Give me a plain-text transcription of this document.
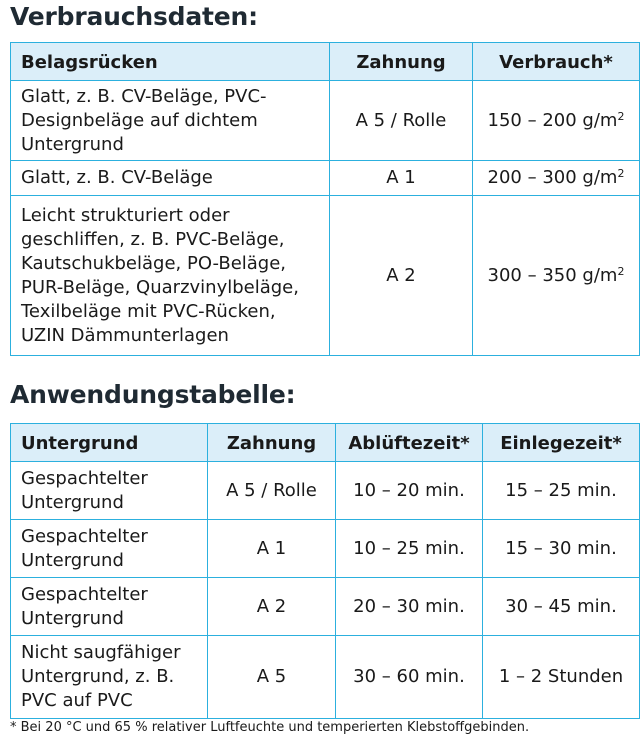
Verbrauchsdaten:
Belagsrücken	Zahnung	Verbrauch*
Glatt, z. B. CV-Beläge, PVC-Designbeläge auf dichtem Untergrund	A 5 / Rolle	150 – 200 $g/m^2$
Glatt, z. B. CV-Beläge	A 1	200 – 300 $g/m^2$
Leicht strukturiert oder geschliffen, z. B. PVC-Beläge, Kautschukbeläge, PO-Beläge, PUR-Beläge, Quarzvinylbeläge, Texilbeläge mit PVC-Rücken, UZIN Dämmunterlagen	A 2	300 – 350 $g/m^2$
Anwendungstabelle:
Untergrund	Zahnung	Ablüftezeit*	Einlegezeit*
Gespachtelter Untergrund	A 5 / Rolle	10 – 20 min.	15 – 25 min.
Gespachtelter Untergrund	A 1	10 – 25 min.	15 – 30 min.
Gespachtelter Untergrund	A 2	20 – 30 min.	30 – 45 min.
Nicht saugfähiger Untergrund, z. B. PVC auf PVC	A 5	30 – 60 min.	1 – 2 Stunden

* Bei 20 °C und 65 % relativer Luftfeuchte und temperierten Klebstoffgebinden.
